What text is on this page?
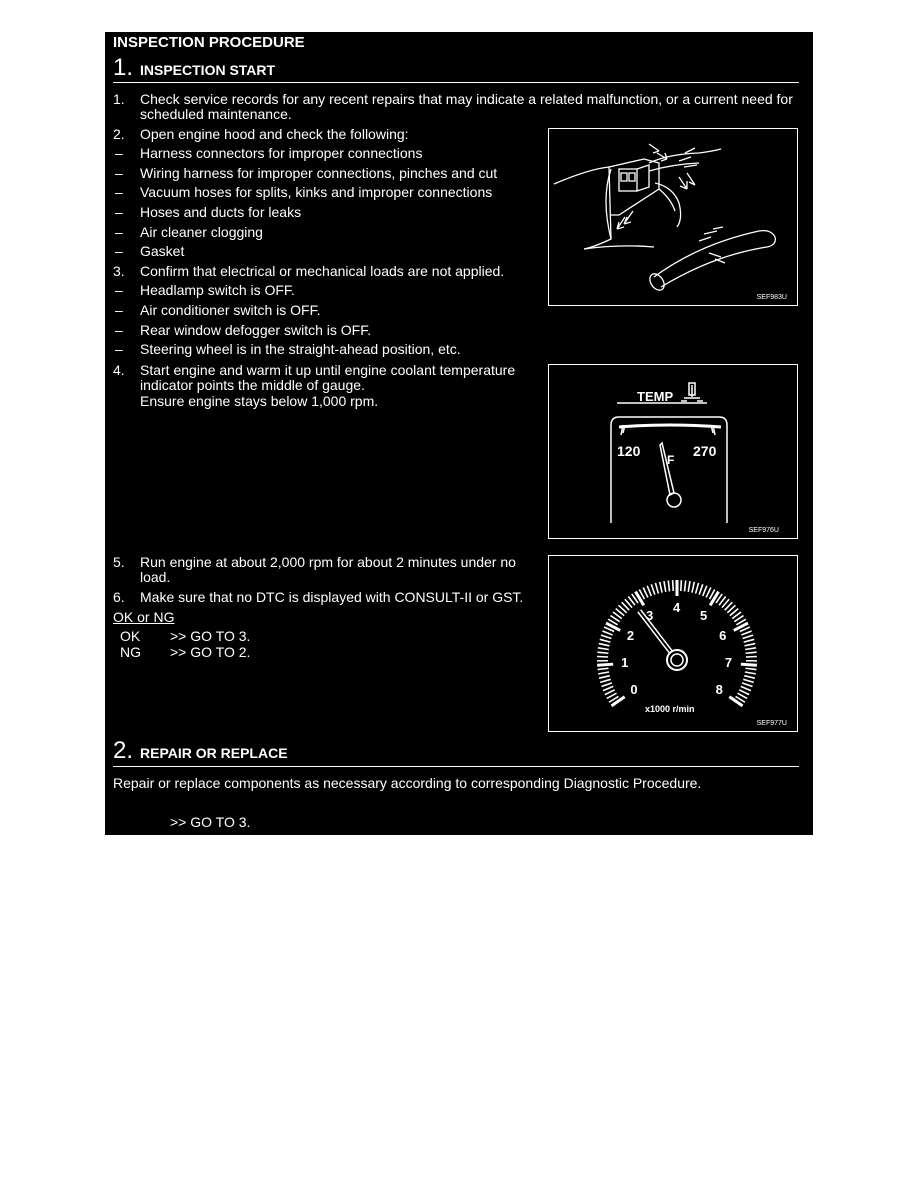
INSPECTION PROCEDURE
1. INSPECTION START
1. Check service records for any recent repairs that may indicate a related malfunction, or a current need for
scheduled maintenance.
2. Open engine hood and check the following:
– Harness connectors for improper connections
– Wiring harness for improper connections, pinches and cut
– Vacuum hoses for splits, kinks and improper connections
– Hoses and ducts for leaks
– Air cleaner clogging
– Gasket
3. Confirm that electrical or mechanical loads are not applied.
– Headlamp switch is OFF.
– Air conditioner switch is OFF.
– Rear window defogger switch is OFF.
– Steering wheel is in the straight-ahead position, etc.
4. Start engine and warm it up until engine coolant temperature
indicator points the middle of gauge.
Ensure engine stays below 1,000 rpm.
5. Run engine at about 2,000 rpm for about 2 minutes under no
load.
6. Make sure that no DTC is displayed with CONSULT-II or GST.
OK or NG
OK >> GO TO 3.
NG >> GO TO 2.
SEF983U
TEMP
120	270
F
SEF976U
0
1
2
3
4
5
6
7
8
x1000 r/min
SEF977U
2. REPAIR OR REPLACE
Repair or replace components as necessary according to corresponding Diagnostic Procedure.
>> GO TO 3.
